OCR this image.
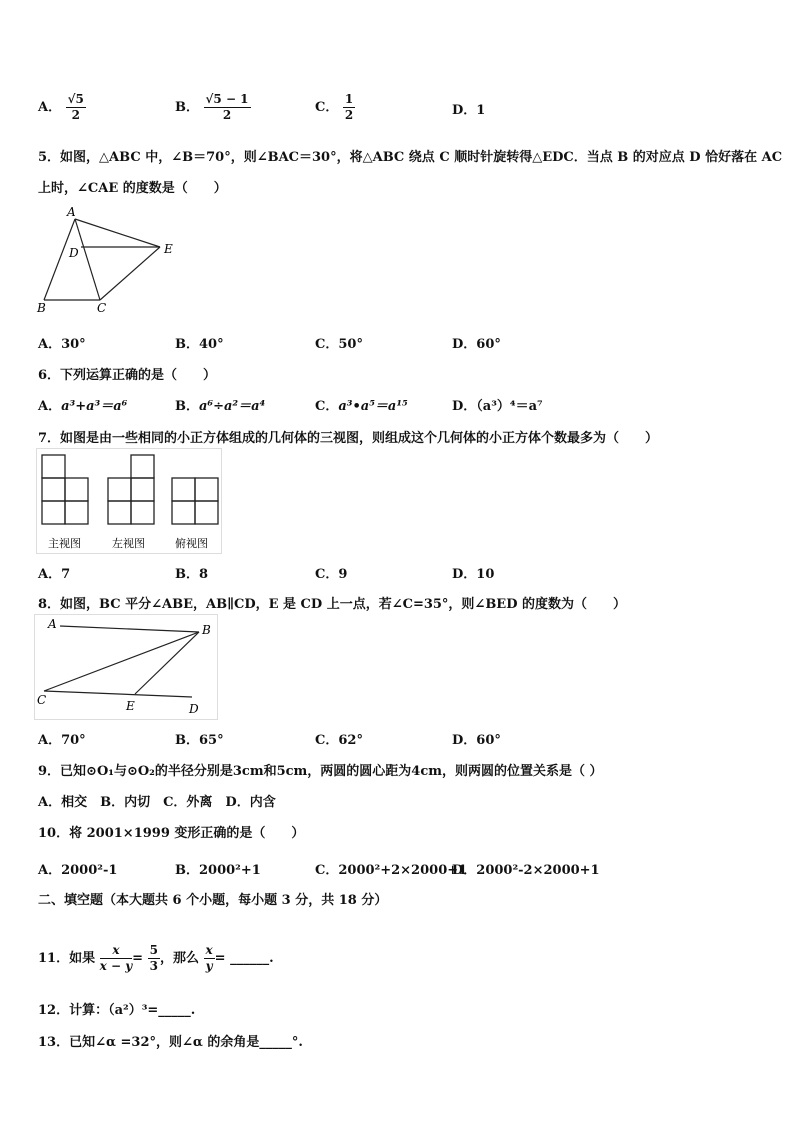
A． $\frac{√5}{2}$	B． $\frac{√5 - 1}{2}$	C． $\frac{1}{2}$	D．1
5．如图，△ABC 中，∠B＝70°，则∠BAC＝30°，将△ABC 绕点 C 顺时针旋转得△EDC．当点 B 的对应点 D 恰好落在 AC
上时，∠CAE 的度数是（　　）
A
D	E
B	C
A．30°	B．40°	C．50°	D．60°
6．下列运算正确的是（　　）
A．a³+a³＝a⁶	B．a⁶÷a²＝a⁴	C．a³•a⁵＝a¹⁵	D．（a³）⁴＝a⁷
7．如图是由一些相同的小正方体组成的几何体的三视图，则组成这个几何体的小正方体个数最多为（　　）
主视图	左视图	俯视图
A．7	B．8	C．9	D．10
8．如图，BC 平分∠ABE，AB∥CD，E 是 CD 上一点，若∠C=35°，则∠BED 的度数为（　　）
A	B
C	E	D
A．70°	B．65°	C．62°	D．60°
9．已知⊙O₁与⊙O₂的半径分别是3cm和5cm，两圆的圆心距为4cm，则两圆的位置关系是（ ）
A．相交　B．内切　C．外离　D．内含
10．将 2001×1999 变形正确的是（　　）
A．2000²-1	B．2000²+1	C．2000²+2×2000+1
D．2000²-2×2000+1
二、填空题（本大题共 6 个小题，每小题 3 分，共 18 分）
11．如果 $\frac{x}{x - y} = \frac{5}{3}$ ，那么 $\frac{x}{y}$ = ______.
12．计算：（a²）³=_____.
13．已知∠α =32°，则∠α 的余角是_____°.
